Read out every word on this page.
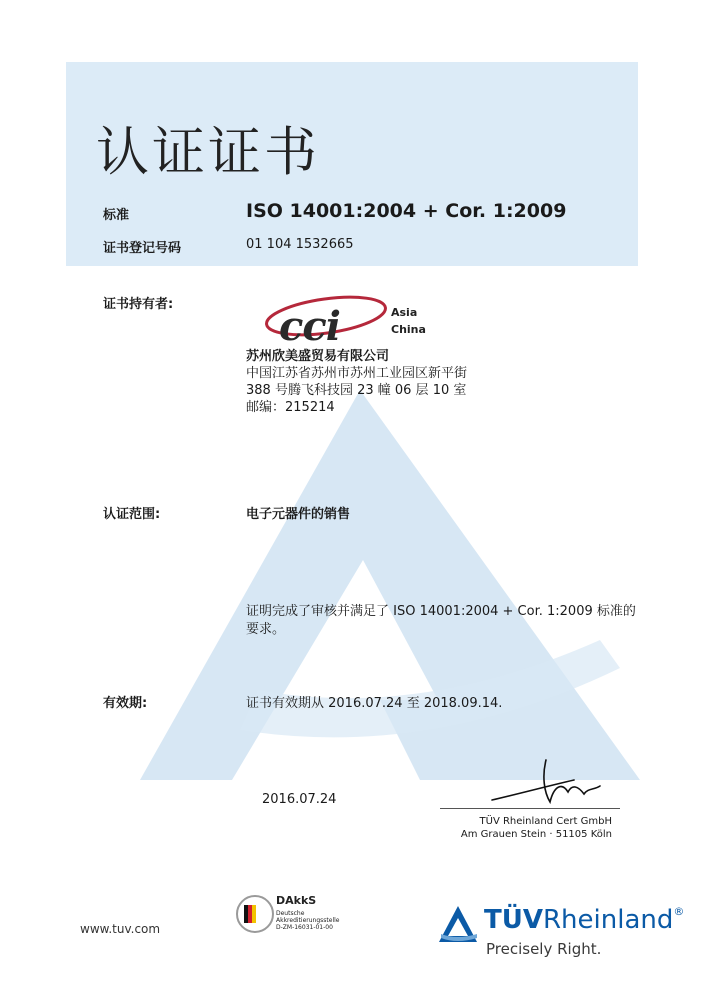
认证证书
标准	ISO 14001:2004 + Cor. 1:2009
证书登记号码	01 104 1532665
证书持有者:	cci	Asia
China
苏州欣美盛贸易有限公司
中国江苏省苏州市苏州工业园区新平街
388 号腾飞科技园 23 幢 06 层 10 室
邮编：215214
认证范围:	电子元器件的销售
证明完成了审核并满足了 ISO 14001:2004 + Cor. 1:2009 标准的要求。
有效期:	证书有效期从 2016.07.24 至 2018.09.14.
2016.07.24
TÜV Rheinland Cert GmbH
Am Grauen Stein · 51105 Köln
www.tuv.com
DAkkS
Deutsche
Akkreditierungsstelle
D-ZM-16031-01-00	TÜVRheinland®
Precisely Right.
